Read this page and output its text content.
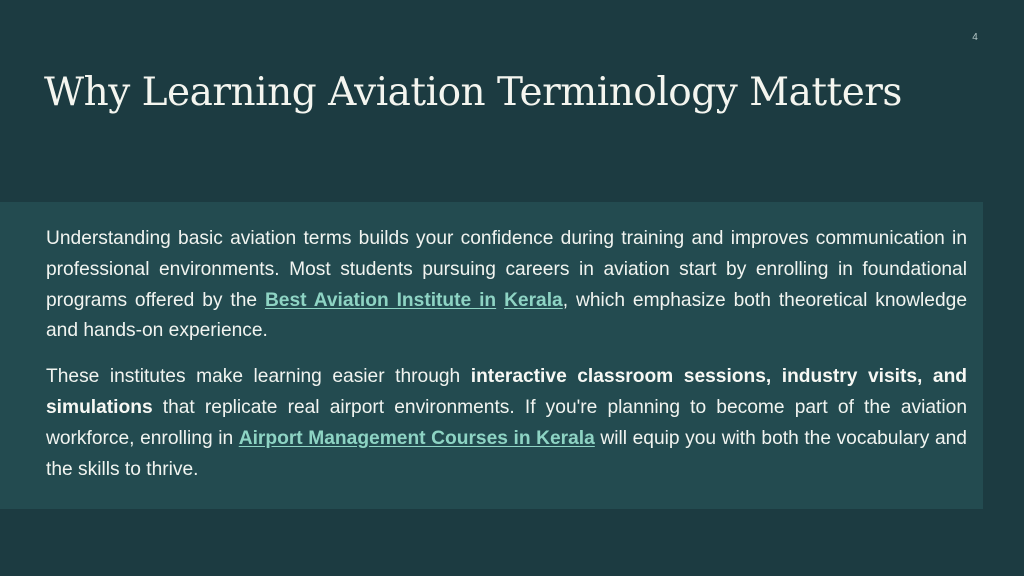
4
Why Learning Aviation Terminology Matters

Understanding basic aviation terms builds your confidence during training and improves communication in professional environments. Most students pursuing careers in aviation start by enrolling in foundational programs offered by the Best Aviation Institute in Kerala, which emphasize both theoretical knowledge and hands-on experience.

These institutes make learning easier through interactive classroom sessions, industry visits, and simulations that replicate real airport environments. If you're planning to become part of the aviation workforce, enrolling in Airport Management Courses in Kerala will equip you with both the vocabulary and the skills to thrive.
